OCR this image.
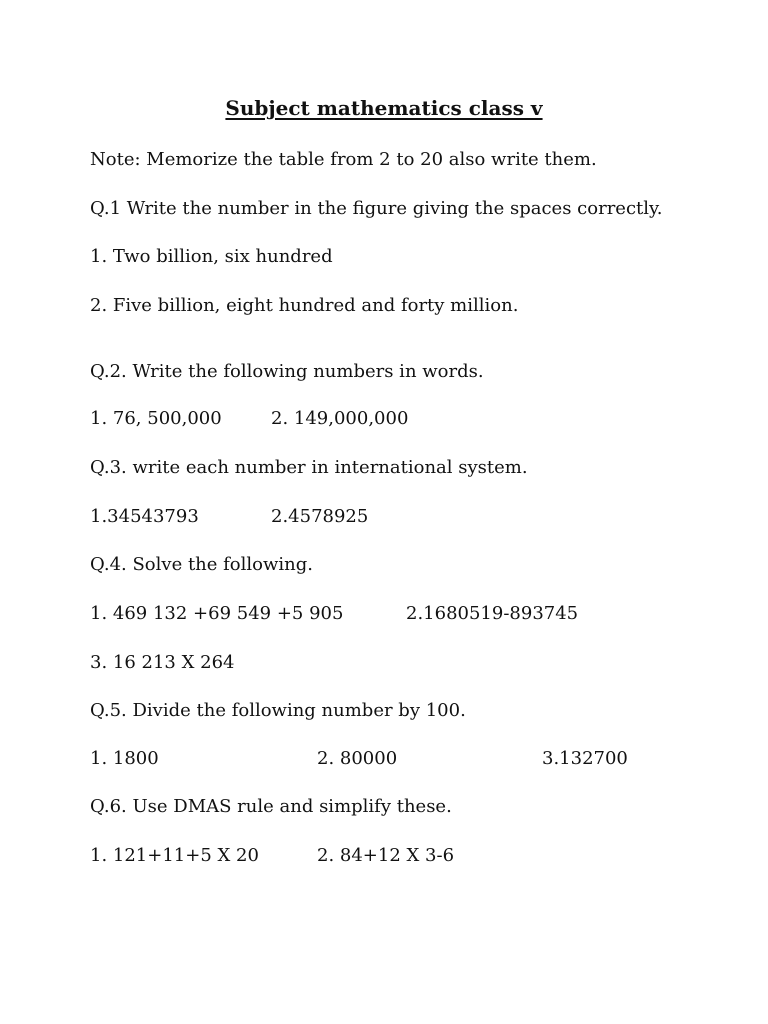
Subject mathematics class v
Note: Memorize the table from 2 to 20 also write them.
Q.1 Write the number in the figure giving the spaces correctly.
1. Two billion, six hundred
2. Five billion, eight hundred and forty million.
Q.2. Write the following numbers in words.
1. 76, 500,000	2. 149,000,000
Q.3. write each number in international system.
1.34543793	2.4578925
Q.4. Solve the following.
1. 469 132 +69 549 +5 905	2.1680519-893745
3. 16 213 X 264
Q.5. Divide the following number by 100.
1. 1800	2. 80000	3.132700
Q.6. Use DMAS rule and simplify these.
1. 121+11+5 X 20	2. 84+12 X 3-6
